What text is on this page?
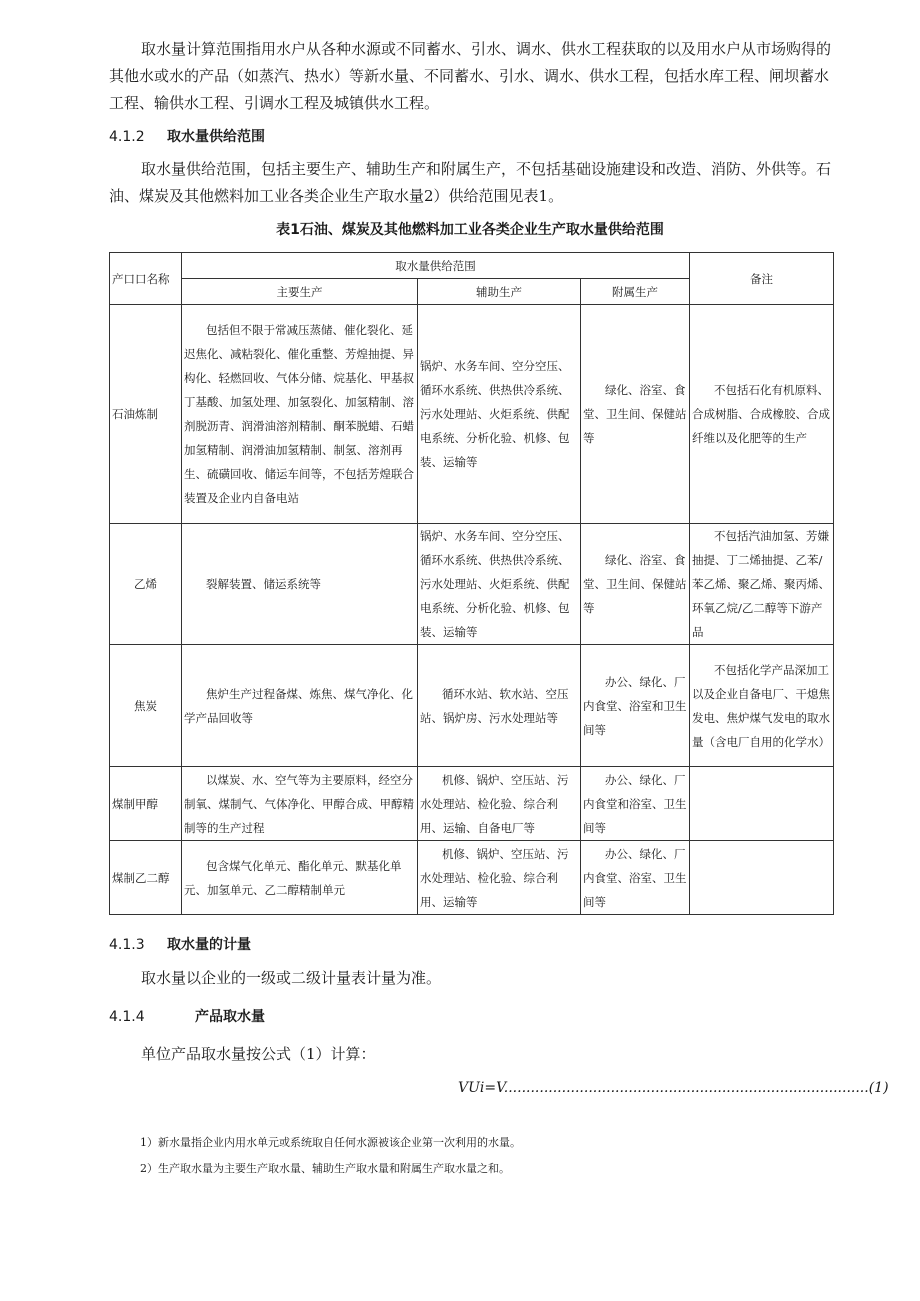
取水量计算范围指用水户从各种水源或不同蓄水、引水、调水、供水工程获取的以及用水户从市场购得的其他水或水的产品（如蒸汽、热水）等新水量、不同蓄水、引水、调水、供水工程，包括水库工程、闸坝蓄水工程、输供水工程、引调水工程及城镇供水工程。

4.1.2 取水量供给范围

取水量供给范围，包括主要生产、辅助生产和附属生产，不包括基础设施建设和改造、消防、外供等。石油、煤炭及其他燃料加工业各类企业生产取水量2）供给范围见表1。

表1石油、煤炭及其他燃料加工业各类企业生产取水量供给范围
产口口名称	取水量供给范围			备注
	主要生产	辅助生产	附属生产	
石油炼制	包括但不限于常减压蒸储、催化裂化、延迟焦化、减粘裂化、催化重整、芳煌抽提、异构化、轻燃回收、气体分储、烷基化、甲基叔丁基酸、加氢处理、加氢裂化、加氢精制、溶剂脱沥青、润滑油溶剂精制、酮苯脱蜡、石蜡加氢精制、润滑油加氢精制、制氢、溶剂再生、硫磺回收、储运车间等，不包括芳煌联合装置及企业内自备电站	锅炉、水务车间、空分空压、循环水系统、供热供冷系统、污水处理站、火炬系统、供配电系统、分析化验、机修、包装、运输等	绿化、浴室、食堂、卫生间、保健站等	不包括石化有机原料、合成树脂、合成橡胶、合成纤维以及化肥等的生产
乙烯	裂解装置、储运系统等	锅炉、水务车间、空分空压、循环水系统、供热供冷系统、污水处理站、火炬系统、供配电系统、分析化验、机修、包装、运输等	绿化、浴室、食堂、卫生间、保健站等	不包括汽油加氢、芳嫌抽提、丁二烯抽提、乙苯/苯乙烯、聚乙烯、聚丙烯、环氧乙烷/乙二醇等下游产品
焦炭	焦炉生产过程备煤、炼焦、煤气净化、化学产品回收等	循环水站、软水站、空压站、锅炉房、污水处理站等	办公、绿化、厂内食堂、浴室和卫生间等	不包括化学产品深加工以及企业自备电厂、干熄焦发电、焦炉煤气发电的取水量（含电厂自用的化学水）
煤制甲醇	以煤炭、水、空气等为主要原料，经空分制氧、煤制气、气体净化、甲醇合成、甲醇精制等的生产过程	机修、锅炉、空压站、污水处理站、检化验、综合利用、运输、自备电厂等	办公、绿化、厂内食堂和浴室、卫生间等	
煤制乙二醇	包含煤气化单元、酯化单元、默基化单元、加氢单元、乙二醇精制单元	机修、锅炉、空压站、污水处理站、检化验、综合利用、运输等	办公、绿化、厂内食堂、浴室、卫生间等	
4.1.3 取水量的计量

取水量以企业的一级或二级计量表计量为准。

4.1.4	产品取水量

单位产品取水量按公式（1）计算：

VUi=V..................................................................................(1)
1）新水量指企业内用水单元或系统取自任何水源被该企业第一次利用的水量。
2）生产取水量为主要生产取水量、辅助生产取水量和附属生产取水量之和。
